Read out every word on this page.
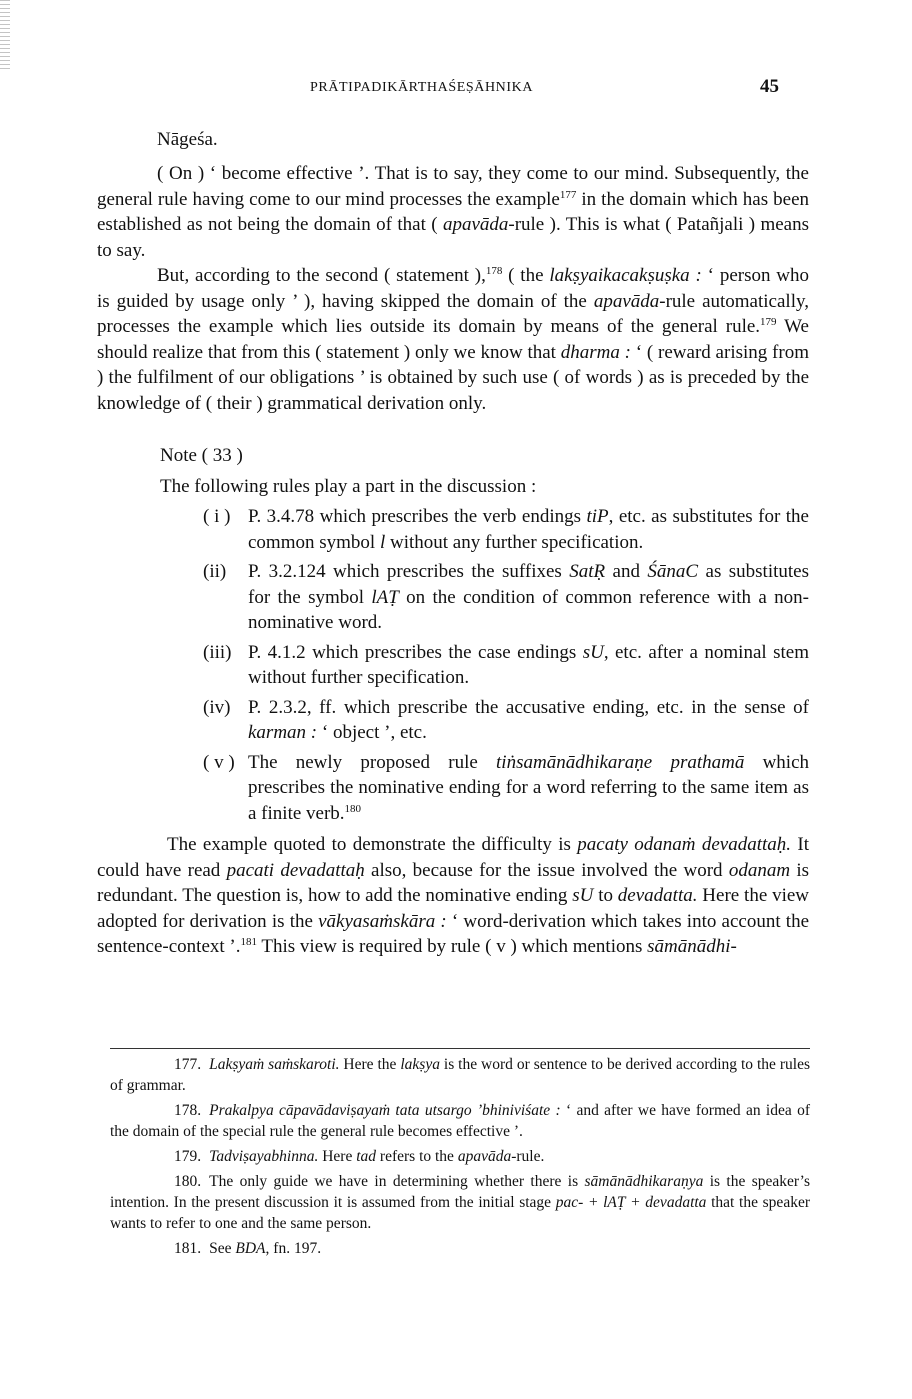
PRĀTIPADIKĀRTHAŚEṢĀHNIKA	45

Nāgeśa.

( On ) ‘ become effective ’. That is to say, they come to our mind. Subsequently, the general rule having come to our mind processes the example$^{177}$ in the domain which has been established as not being the domain of that ( apavāda-rule ). This is what ( Patañjali ) means to say.

But, according to the second ( statement ),$^{178}$ ( the lakṣyaikacakṣuṣka : ‘ person who is guided by usage only ’ ), having skipped the domain of the apavāda-rule automatically, processes the example which lies outside its domain by means of the general rule.$^{179}$ We should realize that from this ( statement ) only we know that dharma : ‘ ( reward arising from ) the fulfilment of our obligations ’ is obtained by such use ( of words ) as is preceded by the knowledge of ( their ) grammatical derivation only.

Note ( 33 )

The following rules play a part in the discussion :

( i ) P. 3.4.78 which prescribes the verb endings tiP, etc. as substitutes for the common symbol l without any further specification.
(ii) P. 3.2.124 which prescribes the suffixes SatṚ and ŚānaC as substitutes for the symbol lAṬ on the condition of common reference with a non-nominative word.
(iii) P. 4.1.2 which prescribes the case endings sU, etc. after a nominal stem without further specification.
(iv) P. 2.3.2, ff. which prescribe the accusative ending, etc. in the sense of karman : ‘ object ’, etc.
( v ) The newly proposed rule tiṅsamānādhikaraṇe prathamā which prescribes the nominative ending for a word referring to the same item as a finite verb.$^{180}$

The example quoted to demonstrate the difficulty is pacaty odanaṁ devadattaḥ. It could have read pacati devadattaḥ also, because for the issue involved the word odanam is redundant. The question is, how to add the nominative ending sU to devadatta. Here the view adopted for derivation is the vākyasaṁskāra : ‘ word-derivation which takes into account the sentence-context ’.$^{181}$ This view is required by rule ( v ) which mentions sāmānādhi-

177. Lakṣyaṁ saṁskaroti. Here the lakṣya is the word or sentence to be derived according to the rules of grammar.

178. Prakalpya cāpavādaviṣayaṁ tata utsargo ’bhiniviśate : ‘ and after we have formed an idea of the domain of the special rule the general rule becomes effective ’.

179. Tadviṣayabhinna. Here tad refers to the apavāda-rule.

180. The only guide we have in determining whether there is sāmānādhikaraṇya is the speaker’s intention. In the present discussion it is assumed from the initial stage pac- + lAṬ + devadatta that the speaker wants to refer to one and the same person.

181. See BDA, fn. 197.
